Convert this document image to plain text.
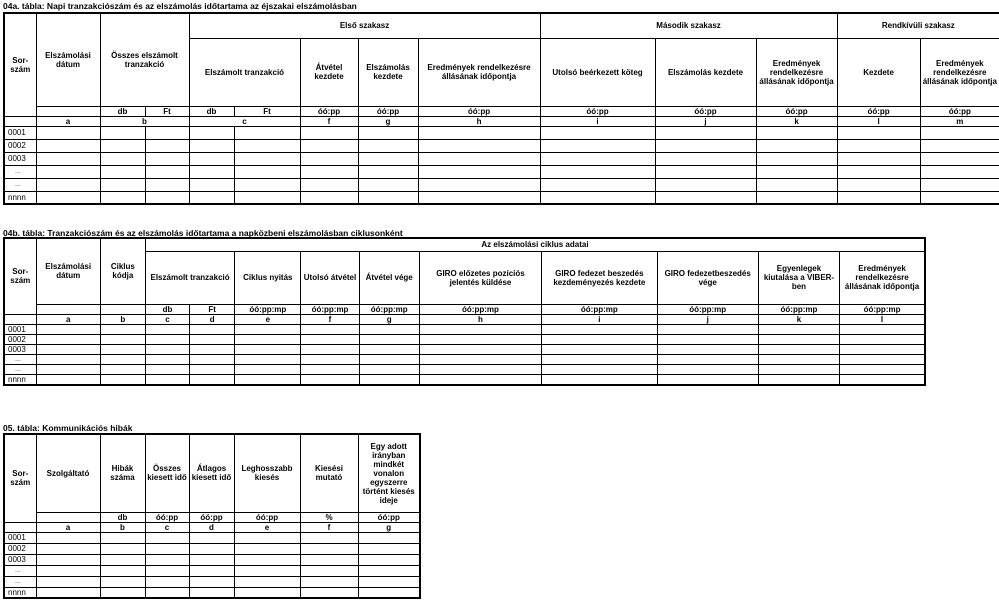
04a. tábla: Napi tranzakciószám és az elszámolás időtartama az éjszakai elszámolásban
Sor-szám	Elszámolási dátum	Összes elszámolt tranzakció		Első szakasz					Második szakasz			Rendkívüli szakasz	
				Elszámolt tranzakció		Átvétel kezdete	Elszámolás kezdete	Eredmények rendelkezésre állásának időpontja	Utolsó beérkezett köteg	Elszámolás kezdete	Eredmények rendelkezésre állásának időpontja	Kezdete	Eredmények rendelkezésre állásának időpontja

		db	Ft	db	Ft	óó:pp	óó:pp	óó:pp	óó:pp	óó:pp	óó:pp	óó:pp	óó:pp
	a	b		c		f	g	h	i	j	k	l	m
0001													
0002													
0003													
...													
...													
nnnn													
04b. tábla: Tranzakciószám és az elszámolás időtartama a napközbeni elszámolásban ciklusonként
Sor-szám	Elszámolási dátum	Ciklus kódja	Az elszámolási ciklus adatai									
			Elszámolt tranzakció		Ciklus nyitás	Utolsó átvétel	Átvétel vége	GIRO előzetes pozíciós jelentés küldése	GIRO fedezet beszedés kezdeményezés kezdete	GIRO fedezetbeszedés vége	Egyenlegek kiutalása a VIBER-ben	Eredmények rendelkezésre állásának időpontja
			db	Ft	óó:pp:mp	óó:pp:mp	óó:pp:mp	óó:pp:mp	óó:pp:mp	óó:pp:mp	óó:pp:mp	óó:pp:mp
	a	b	c	d	e	f	g	h	i	j	k	l
0001												
0002												
0003												
...												
...												
nnnn												
05. tábla: Kommunikációs hibák
Sor-szám	Szolgáltató	Hibák száma	Összes kiesett idő	Átlagos kiesett idő	Leghosszabb kiesés	Kiesési mutató	Egy adott irányban mindkét vonalon egyszerre történt kiesés ideje
		db	óó:pp	óó:pp	óó:pp	%	óó:pp
	a	b	c	d	e	f	g
0001							
0002							
0003							
...							
...							
nnnn							
